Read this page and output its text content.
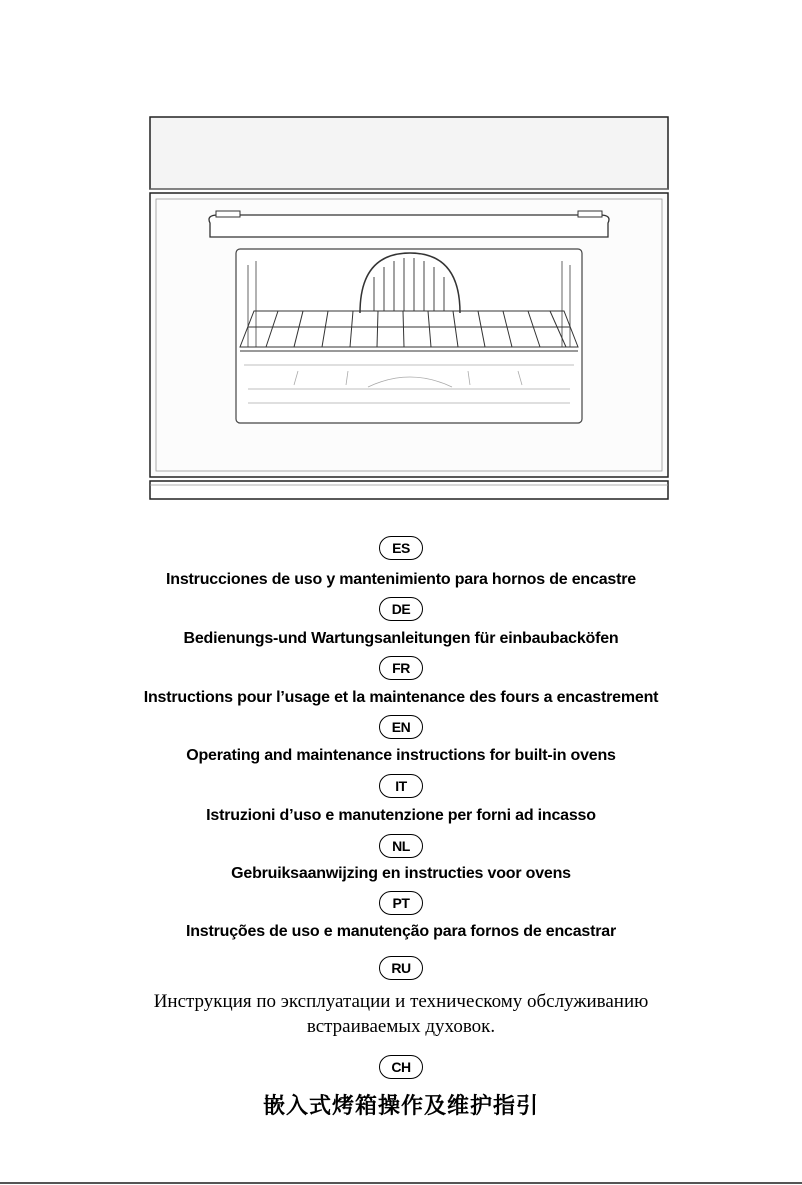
ES
Instrucciones de uso y mantenimiento para hornos de encastre
DE
Bedienungs-und Wartungsanleitungen für einbaubacköfen
FR
Instructions pour l’usage et la maintenance des fours a encastrement
EN
Operating and maintenance instructions for built-in ovens
IT
Istruzioni d’uso e manutenzione per forni ad incasso
NL
Gebruiksaanwijzing en instructies voor ovens
PT
Instruções de uso e manutenção para fornos de encastrar
RU
Инструкция по эксплуатации и техническому обслуживанию
встраиваемых духовок.
CH
嵌入式烤箱操作及维护指引
